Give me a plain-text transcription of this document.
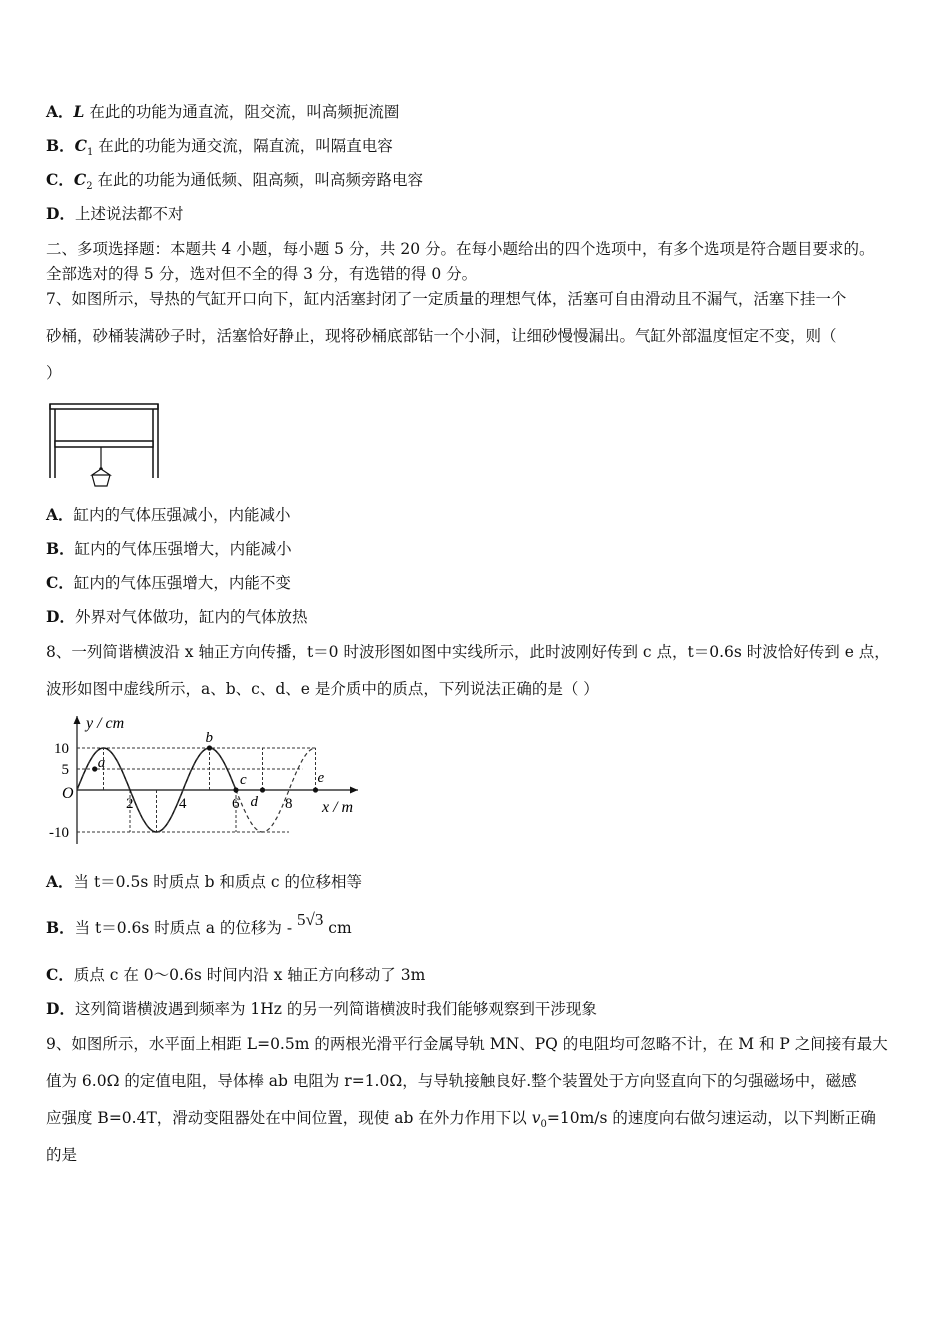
A．L 在此的功能为通直流，阻交流，叫高频扼流圈
B．$C_1$ 在此的功能为通交流，隔直流，叫隔直电容
C．$C_2$ 在此的功能为通低频、阻高频，叫高频旁路电容
D．上述说法都不对
二、多项选择题：本题共 4 小题，每小题 5 分，共 20 分。在每小题给出的四个选项中，有多个选项是符合题目要求的。
全部选对的得 5 分，选对但不全的得 3 分，有选错的得 0 分。
7、如图所示，导热的气缸开口向下，缸内活塞封闭了一定质量的理想气体，活塞可自由滑动且不漏气，活塞下挂一个
砂桶，砂桶装满砂子时，活塞恰好静止，现将砂桶底部钻一个小洞，让细砂慢慢漏出。气缸外部温度恒定不变，则（
）
A．缸内的气体压强减小，内能减小
B．缸内的气体压强增大，内能减小
C．缸内的气体压强增大，内能不变
D．外界对气体做功，缸内的气体放热
8、一列简谐横波沿 x 轴正方向传播，t＝0 时波形图如图中实线所示，此时波刚好传到 c 点，t＝0.6s 时波恰好传到 e 点，
波形如图中虚线所示，a、b、c、d、e 是介质中的质点，下列说法正确的是（ ）
y / cm
x / m
O
2	4	6	8
10
5
-10
a
b
c
d
e
A．当 t＝0.5s 时质点 b 和质点 c 的位移相等
B．当 t＝0.6s 时质点 a 的位移为 - 5√3 cm
C．质点 c 在 0～0.6s 时间内沿 x 轴正方向移动了 3m
D．这列简谐横波遇到频率为 1Hz 的另一列简谐横波时我们能够观察到干涉现象
9、如图所示，水平面上相距 L=0.5m 的两根光滑平行金属导轨 MN、PQ 的电阻均可忽略不计，在 M 和 P 之间接有最大
值为 6.0Ω 的定值电阻，导体棒 ab 电阻为 r=1.0Ω，与导轨接触良好.整个装置处于方向竖直向下的匀强磁场中，磁感
应强度 B=0.4T，滑动变阻器处在中间位置，现使 ab 在外力作用下以 $v_0=10m/s$ 的速度向右做匀速运动，以下判断正确
的是
